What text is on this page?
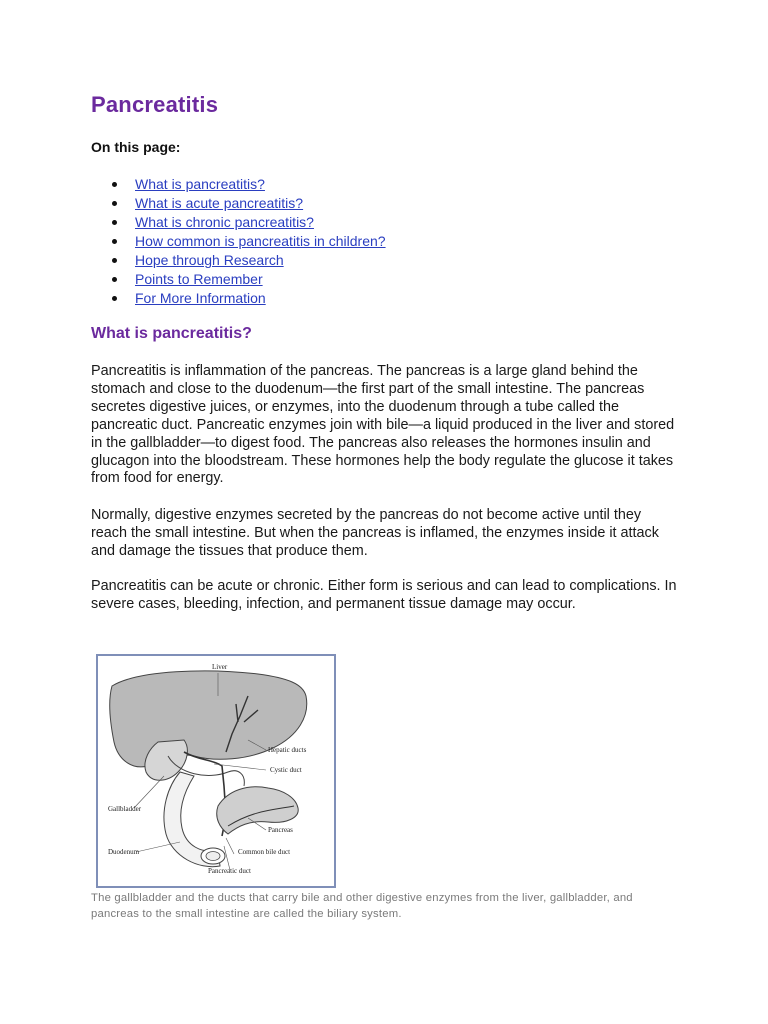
Pancreatitis
On this page:
What is pancreatitis?
What is acute pancreatitis?
What is chronic pancreatitis?
How common is pancreatitis in children?
Hope through Research
Points to Remember
For More Information
What is pancreatitis?

Pancreatitis is inflammation of the pancreas. The pancreas is a large gland behind the stomach and close to the duodenum—the first part of the small intestine. The pancreas secretes digestive juices, or enzymes, into the duodenum through a tube called the pancreatic duct. Pancreatic enzymes join with bile—a liquid produced in the liver and stored in the gallbladder—to digest food. The pancreas also releases the hormones insulin and glucagon into the bloodstream. These hormones help the body regulate the glucose it takes from food for energy.

Normally, digestive enzymes secreted by the pancreas do not become active until they reach the small intestine. But when the pancreas is inflamed, the enzymes inside it attack and damage the tissues that produce them.

Pancreatitis can be acute or chronic. Either form is serious and can lead to complications. In severe cases, bleeding, infection, and permanent tissue damage may occur.

Liver
Hepatic ducts
Cystic duct
Gallbladder
Pancreas
Duodenum	Common bile duct
Pancreatic duct
The gallbladder and the ducts that carry bile and other digestive enzymes from the liver, gallbladder, and pancreas to the small intestine are called the biliary system.
